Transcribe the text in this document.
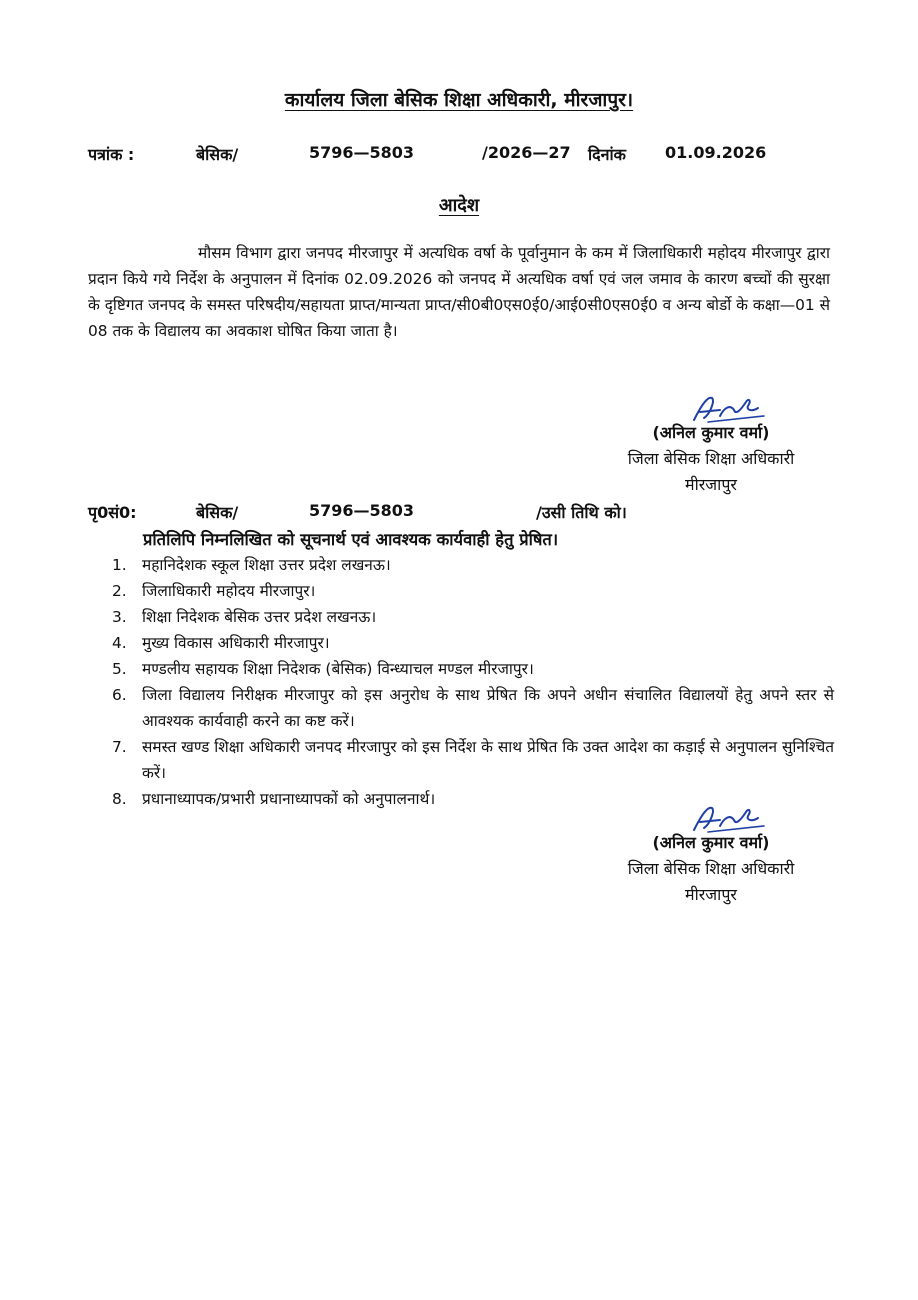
कार्यालय जिला बेसिक शिक्षा अधिकारी, मीरजापुर।
पत्रांक :	बेसिक/	5796—5803	/2026—27 दिनांक 01.09.2026
आदेश
मौसम विभाग द्वारा जनपद मीरजापुर में अत्यधिक वर्षा के पूर्वानुमान के कम में जिलाधिकारी महोदय मीरजापुर द्वारा प्रदान किये गये निर्देश के अनुपालन में दिनांक 02.09.2026 को जनपद में अत्यधिक वर्षा एवं जल जमाव के कारण बच्चों की सुरक्षा के दृष्टिगत जनपद के समस्त परिषदीय/सहायता प्राप्त/मान्यता प्राप्त/सी0बी0एस0ई0/आई0सी0एस0ई0 व अन्य बोर्डो के कक्षा—01 से 08 तक के विद्यालय का अवकाश घोषित किया जाता है।
(अनिल कुमार वर्मा)
जिला बेसिक शिक्षा अधिकारी
मीरजापुर
पृ0सं0:	बेसिक/	5796—5803	/उसी तिथि को।
प्रतिलिपि निम्नलिखित को सूचनार्थ एवं आवश्यक कार्यवाही हेतु प्रेषित।
1. महानिदेशक स्कूल शिक्षा उत्तर प्रदेश लखनऊ।
2. जिलाधिकारी महोदय मीरजापुर।
3. शिक्षा निदेशक बेसिक उत्तर प्रदेश लखनऊ।
4. मुख्य विकास अधिकारी मीरजापुर।
5. मण्डलीय सहायक शिक्षा निदेशक (बेसिक) विन्ध्याचल मण्डल मीरजापुर।
6. जिला विद्यालय निरीक्षक मीरजापुर को इस अनुरोध के साथ प्रेषित कि अपने अधीन संचालित विद्यालयों हेतु अपने स्तर से आवश्यक कार्यवाही करने का कष्ट करें।
7. समस्त खण्ड शिक्षा अधिकारी जनपद मीरजापुर को इस निर्देश के साथ प्रेषित कि उक्त आदेश का कड़ाई से अनुपालन सुनिश्चित करें।
8. प्रधानाध्यापक/प्रभारी प्रधानाध्यापकों को अनुपालनार्थ।
(अनिल कुमार वर्मा)
जिला बेसिक शिक्षा अधिकारी
मीरजापुर
